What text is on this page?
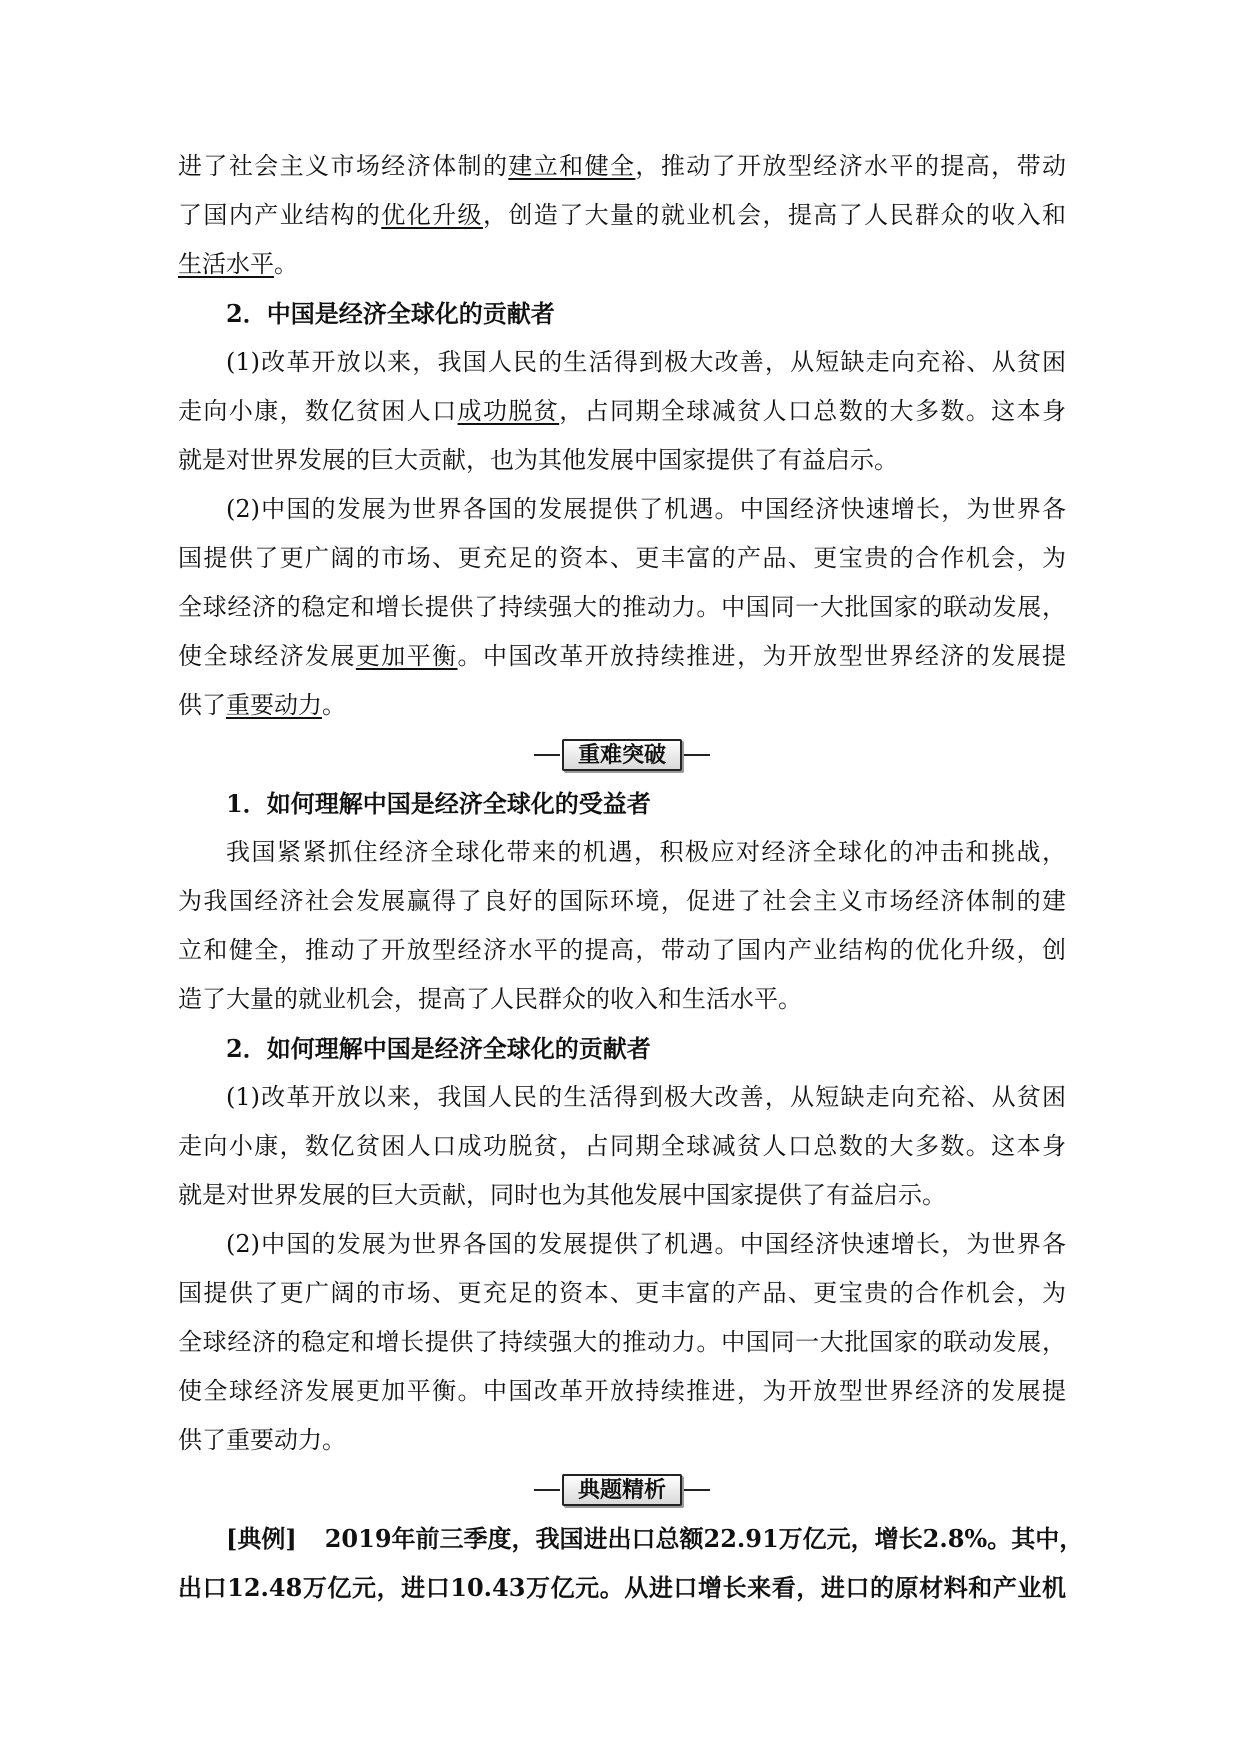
进了社会主义市场经济体制的建立和健全，推动了开放型经济水平的提高，带动
了国内产业结构的优化升级，创造了大量的就业机会，提高了人民群众的收入和
生活水平。

2．中国是经济全球化的贡献者

(1)改革开放以来，我国人民的生活得到极大改善，从短缺走向充裕、从贫困
走向小康，数亿贫困人口成功脱贫，占同期全球减贫人口总数的大多数。这本身
就是对世界发展的巨大贡献，也为其他发展中国家提供了有益启示。

(2)中国的发展为世界各国的发展提供了机遇。中国经济快速增长，为世界各
国提供了更广阔的市场、更充足的资本、更丰富的产品、更宝贵的合作机会，为
全球经济的稳定和增长提供了持续强大的推动力。中国同一大批国家的联动发展，
使全球经济发展更加平衡。中国改革开放持续推进，为开放型世界经济的发展提
供了重要动力。

重难突破

1．如何理解中国是经济全球化的受益者

我国紧紧抓住经济全球化带来的机遇，积极应对经济全球化的冲击和挑战，
为我国经济社会发展赢得了良好的国际环境，促进了社会主义市场经济体制的建
立和健全，推动了开放型经济水平的提高，带动了国内产业结构的优化升级，创
造了大量的就业机会，提高了人民群众的收入和生活水平。

2．如何理解中国是经济全球化的贡献者

(1)改革开放以来，我国人民的生活得到极大改善，从短缺走向充裕、从贫困
走向小康，数亿贫困人口成功脱贫，占同期全球减贫人口总数的大多数。这本身
就是对世界发展的巨大贡献，同时也为其他发展中国家提供了有益启示。

(2)中国的发展为世界各国的发展提供了机遇。中国经济快速增长，为世界各
国提供了更广阔的市场、更充足的资本、更丰富的产品、更宝贵的合作机会，为
全球经济的稳定和增长提供了持续强大的推动力。中国同一大批国家的联动发展，
使全球经济发展更加平衡。中国改革开放持续推进，为开放型世界经济的发展提
供了重要动力。

典题精析

[典例] 2019年前三季度，我国进出口总额22.91万亿元，增长2.8%。其中，
出口12.48万亿元，进口10.43万亿元。从进口增长来看，进口的原材料和产业机
